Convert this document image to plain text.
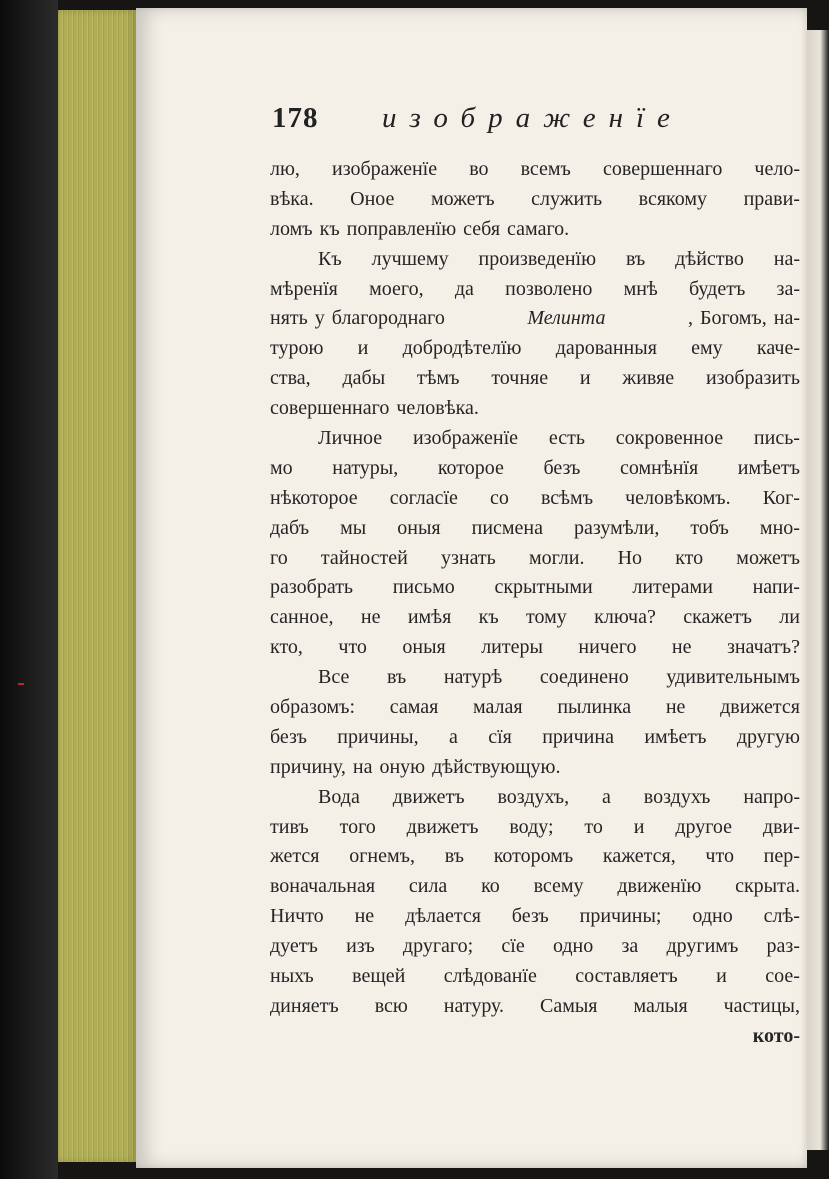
178 изображенїе
лю, изображенїе во всемъ совершеннаго чело-
вѣка. Оное можетъ служить всякому прави-
ломъ къ поправленїю себя самаго.
Къ лучшему произведенїю въ дѣйство на-
мѣренїя моего, да позволено мнѣ будетъ за-
нять у благороднаго	Мелинта	, Богомъ, на-
турою и добродѣтелїю дарованныя ему каче-
ства, дабы тѣмъ точняе и живяе изобразить
совершеннаго человѣка.
Личное изображенїе есть сокровенное пись-
мо натуры, которое безъ сомнѣнїя имѣетъ
нѣкоторое согласїе со всѣмъ человѣкомъ. Ког-
дабъ мы оныя писмена разумѣли, тобъ мно-
го тайностей узнать могли. Но кто можетъ
разобрать письмо скрытными литерами напи-
санное, не имѣя къ тому ключа? скажетъ ли
кто, что оныя литеры ничего не значатъ?
Все въ натурѣ соединено удивительнымъ
образомъ: самая малая пылинка не движется
безъ причины, а сїя причина имѣетъ другую
причину, на оную дѣйствующую.
Вода движетъ воздухъ, а воздухъ напро-
тивъ того движетъ воду; то и другое дви-
жется огнемъ, въ которомъ кажется, что пер-
воначальная сила ко всему движенїю скрыта.
Ничто не дѣлается безъ причины; одно слѣ-
дуетъ изъ другаго; сїе одно за другимъ раз-
ныхъ вещей слѣдованїе составляетъ и сое-
диняетъ всю натуру. Самыя малыя частицы,
кото-
